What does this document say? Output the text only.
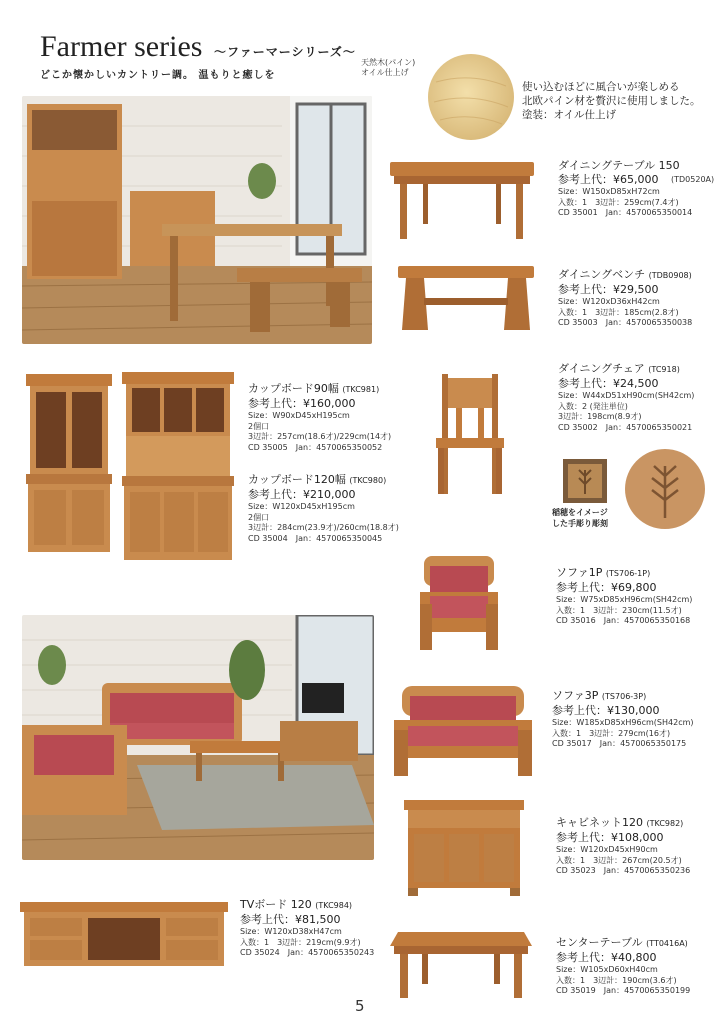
Farmer series ～ファーマーシリーズ～
どこか懐かしいカントリー調。 温もりと癒しを
天然木(パイン)
オイル仕上げ
使い込むほどに風合いが楽しめる
北欧パイン材を贅沢に使用しました。
塗装：オイル仕上げ
ダイニングテーブル 150
参考上代：¥65,000	(TD0520A)
Size：W150xD85xH72cm
入数：1　3辺計：259cm(7.4才)
CD 35001　Jan：4570065350014
ダイニングベンチ (TDB0908)
参考上代：¥29,500
Size：W120xD36xH42cm
入数：1　3辺計：185cm(2.8才)
CD 35003　Jan：4570065350038
カップボード90幅 (TKC981)
参考上代：¥160,000
Size：W90xD45xH195cm
2個口
3辺計：257cm(18.6才)/229cm(14才)
CD 35005　Jan：4570065350052
カップボード120幅 (TKC980)
参考上代：¥210,000
Size：W120xD45xH195cm
2個口
3辺計：284cm(23.9才)/260cm(18.8才)
CD 35004　Jan：4570065350045
ダイニングチェア (TC918)
参考上代：¥24,500
Size：W44xD51xH90cm(SH42cm)
入数：2 (発注単位)
3辺計：198cm(8.9才)
CD 35002　Jan：4570065350021
稲穂をイメージ
した手彫り彫刻
ソファ1P (TS706-1P)
参考上代：¥69,800
Size：W75xD85xH96cm(SH42cm)
入数：1　3辺計：230cm(11.5才)
CD 35016　Jan：4570065350168
ソファ3P (TS706-3P)
参考上代：¥130,000
Size：W185xD85xH96cm(SH42cm)
入数：1　3辺計：279cm(16才)
CD 35017　Jan：4570065350175
キャビネット120 (TKC982)
参考上代：¥108,000
Size：W120xD45xH90cm
入数：1　3辺計：267cm(20.5才)
CD 35023　Jan：4570065350236
TVボード 120 (TKC984)
参考上代：¥81,500
Size：W120xD38xH47cm
入数：1　3辺計：219cm(9.9才)
CD 35024　Jan：4570065350243
センターテーブル (TT0416A)
参考上代：¥40,800
Size：W105xD60xH40cm
入数：1　3辺計：190cm(3.6才)
CD 35019　Jan：4570065350199
5
